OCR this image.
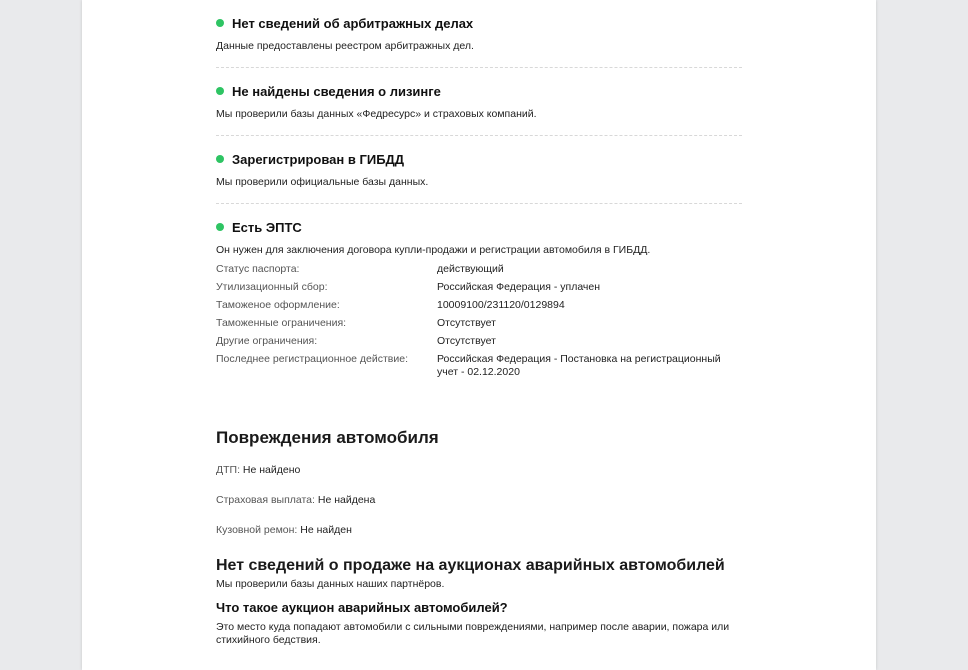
Нет сведений об арбитражных делах
Данные предоставлены реестром арбитражных дел.
Не найдены сведения о лизинге
Мы проверили базы данных «Федресурс» и страховых компаний.
Зарегистрирован в ГИБДД
Мы проверили официальные базы данных.
Есть ЭПТС
Он нужен для заключения договора купли-продажи и регистрации автомобиля в ГИБДД.
Статус паспорта:	действующий
Утилизационный сбор:	Российская Федерация - уплачен
Таможеное оформление:	10009100/231120/0129894
Таможенные ограничения:	Отсутствует
Другие ограничения:	Отсутствует
Последнее регистрационное действие:	Российская Федерация - Постановка на регистрационный учет - 02.12.2020
Повреждения автомобиля
ДТП: Не найдено
Страховая выплата: Не найдена
Кузовной ремон: Не найден
Нет сведений о продаже на аукционах аварийных автомобилей
Мы проверили базы данных наших партнёров.
Что такое аукцион аварийных автомобилей?
Это место куда попадают автомобили с сильными повреждениями, например после аварии, пожара или стихийного бедствия.
